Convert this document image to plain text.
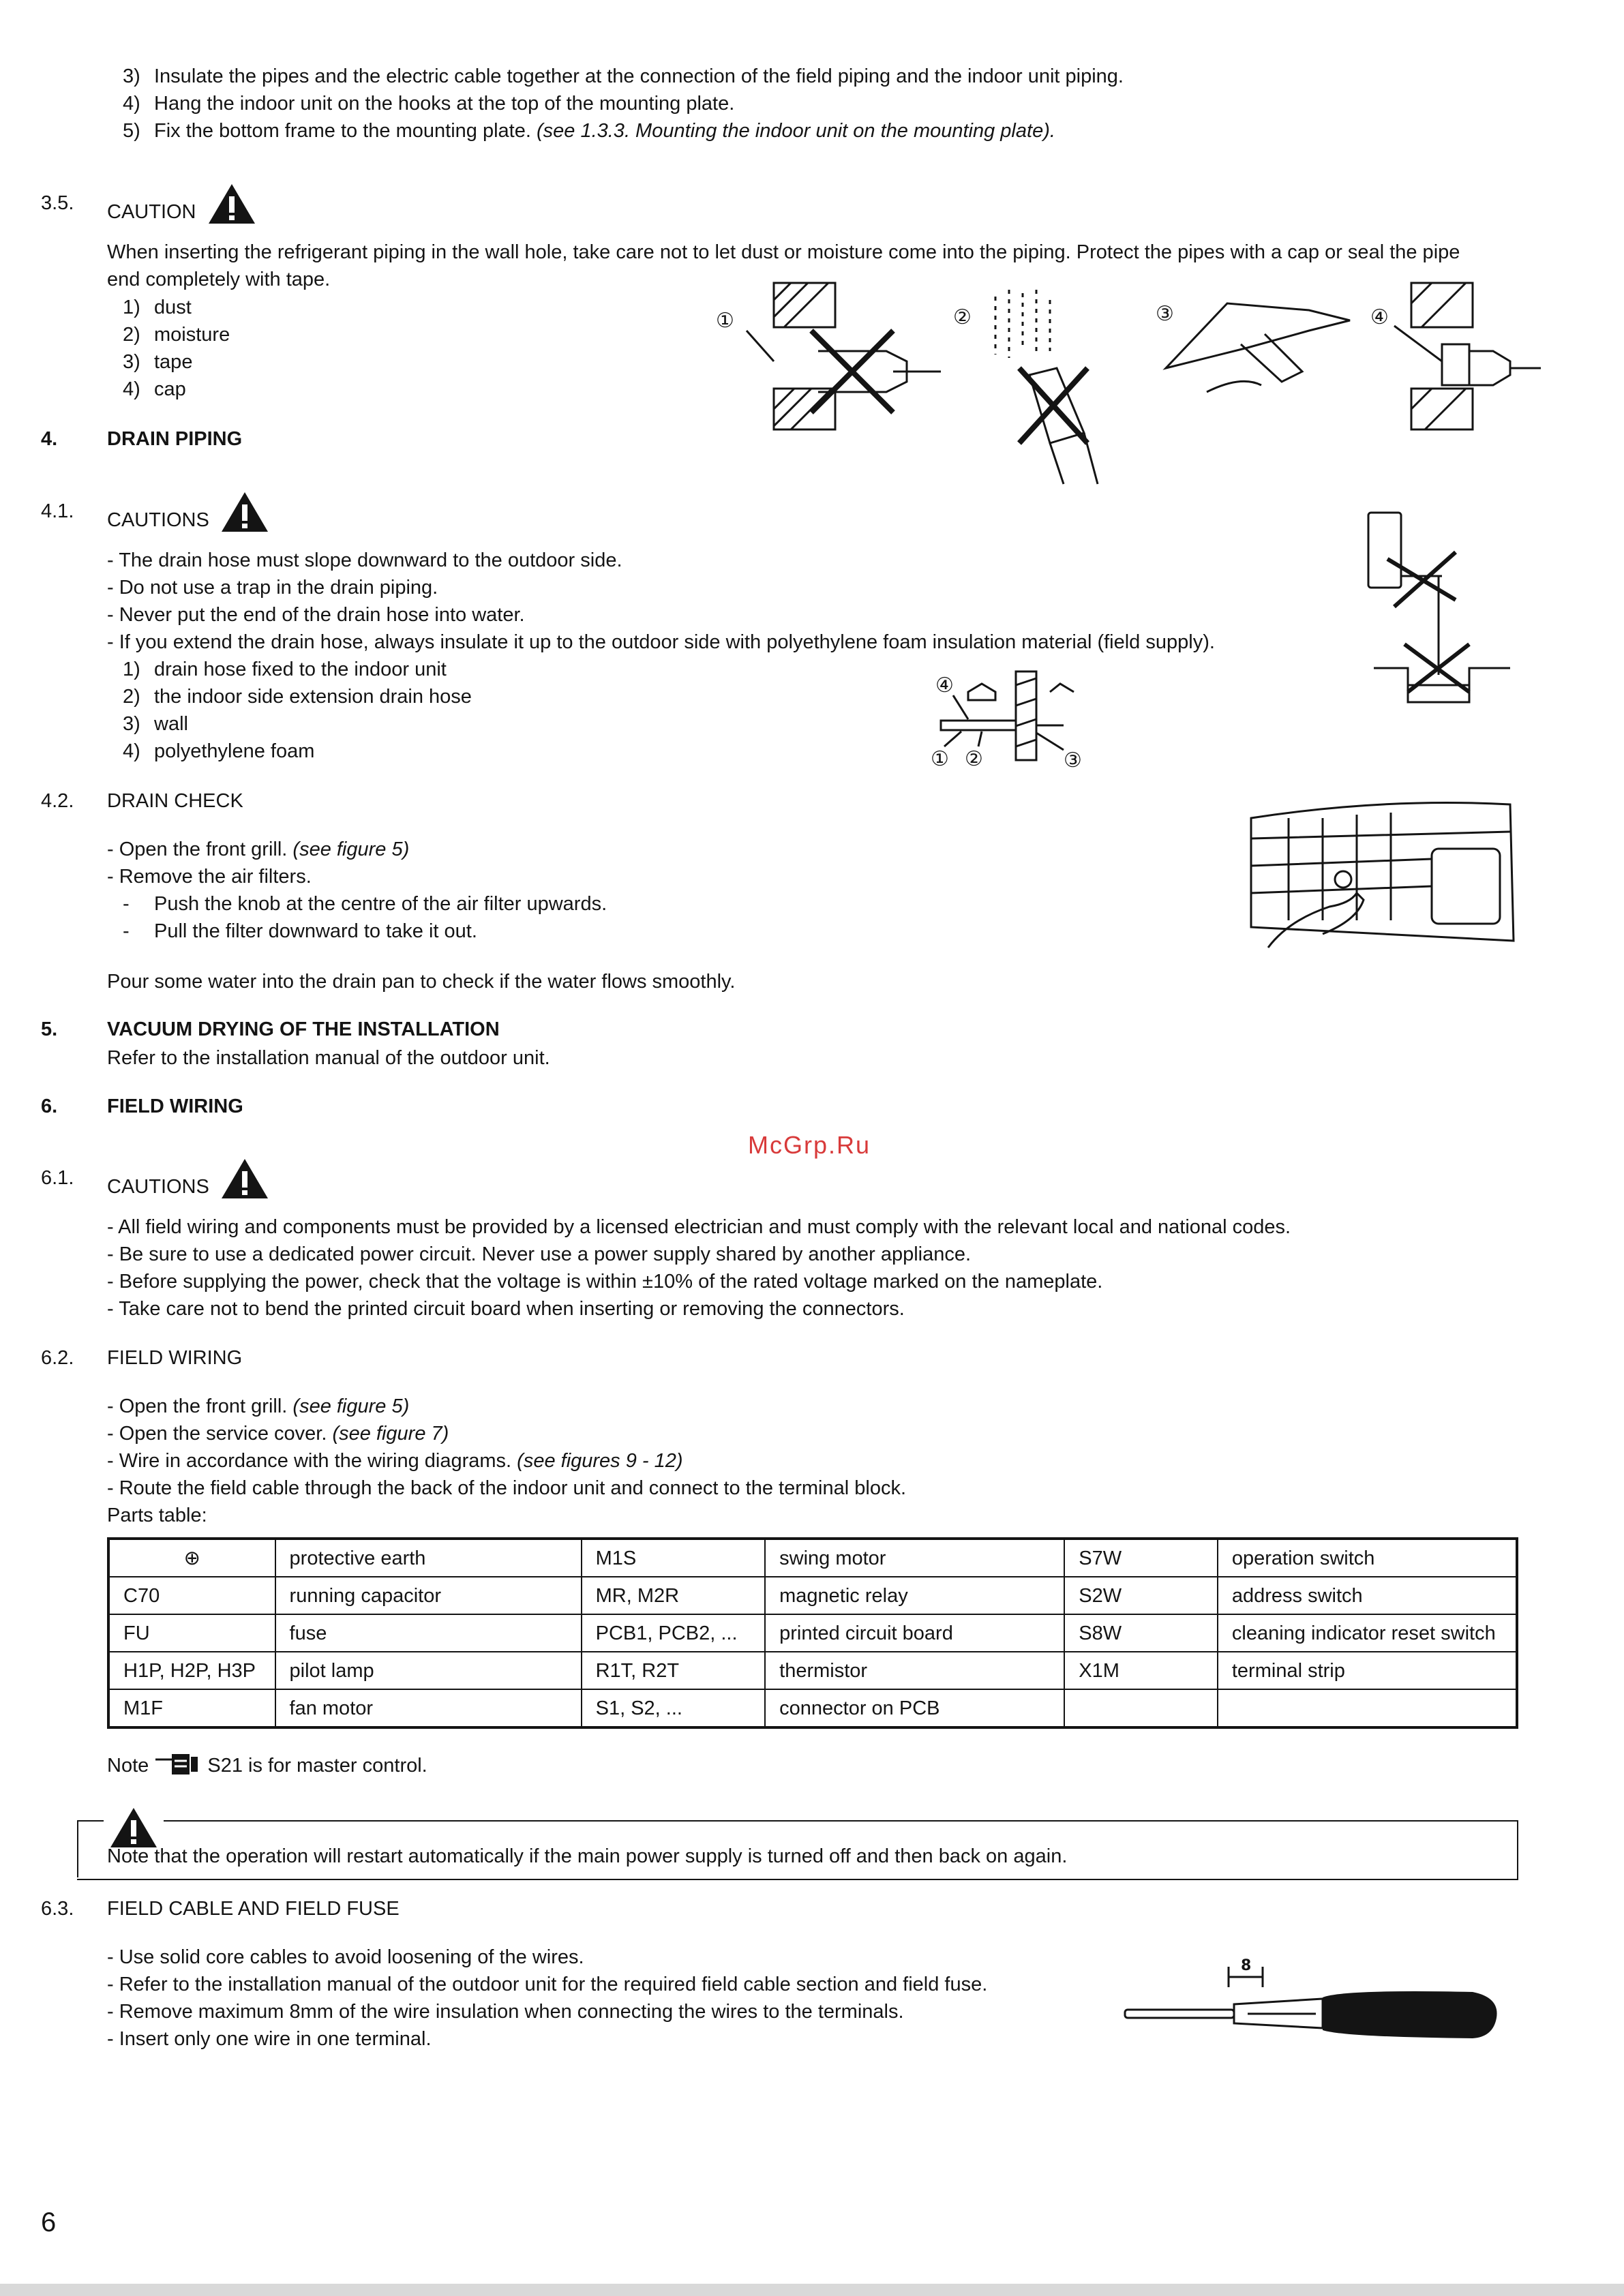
3) Insulate the pipes and the electric cable together at the connection of the field piping and the indoor unit piping.
4) Hang the indoor unit on the hooks at the top of the mounting plate.
5) Fix the bottom frame to the mounting plate. (see 1.3.3. Mounting the indoor unit on the mounting plate).
3.5. CAUTION
When inserting the refrigerant piping in the wall hole, take care not to let dust or moisture come into the piping. Protect the pipes with a cap or seal the pipe
end completely with tape.
1) dust
2) moisture
3) tape
4) cap
①	②	③	④
4.	DRAIN PIPING
4.1. CAUTIONS
- The drain hose must slope downward to the outdoor side.
- Do not use a trap in the drain piping.
- Never put the end of the drain hose into water.
- If you extend the drain hose, always insulate it up to the outdoor side with polyethylene foam insulation material (field supply).
1) drain hose fixed to the indoor unit
2) the indoor side extension drain hose
3) wall
4) polyethylene foam
④
① ②	③
4.2. DRAIN CHECK
- Open the front grill. (see figure 5)
- Remove the air filters.
- Push the knob at the centre of the air filter upwards.
- Pull the filter downward to take it out.
Pour some water into the drain pan to check if the water flows smoothly.
5.	VACUUM DRYING OF THE INSTALLATION
Refer to the installation manual of the outdoor unit.
6.	FIELD WIRING
McGrp.Ru
6.1. CAUTIONS
- All field wiring and components must be provided by a licensed electrician and must comply with the relevant local and national codes.
- Be sure to use a dedicated power circuit. Never use a power supply shared by another appliance.
- Before supplying the power, check that the voltage is within ±10% of the rated voltage marked on the nameplate.
- Take care not to bend the printed circuit board when inserting or removing the connectors.
6.2. FIELD WIRING
- Open the front grill. (see figure 5)
- Open the service cover. (see figure 7)
- Wire in accordance with the wiring diagrams. (see figures 9 - 12)
- Route the field cable through the back of the indoor unit and connect to the terminal block.
Parts table:
⊕	protective earth	M1S	swing motor	S7W	operation switch
C70	running capacitor	MR, M2R	magnetic relay	S2W	address switch
FU	fuse	PCB1, PCB2, ...	printed circuit board	S8W	cleaning indicator reset switch
H1P, H2P, H3P	pilot lamp	R1T, R2T	thermistor	X1M	terminal strip
M1F	fan motor	S1, S2, ...	connector on PCB		
Note	S21 is for master control.
Note that the operation will restart automatically if the main power supply is turned off and then back on again.
6.3. FIELD CABLE AND FIELD FUSE
- Use solid core cables to avoid loosening of the wires.
- Refer to the installation manual of the outdoor unit for the required field cable section and field fuse.
- Remove maximum 8mm of the wire insulation when connecting the wires to the terminals.
- Insert only one wire in one terminal.
8
6
